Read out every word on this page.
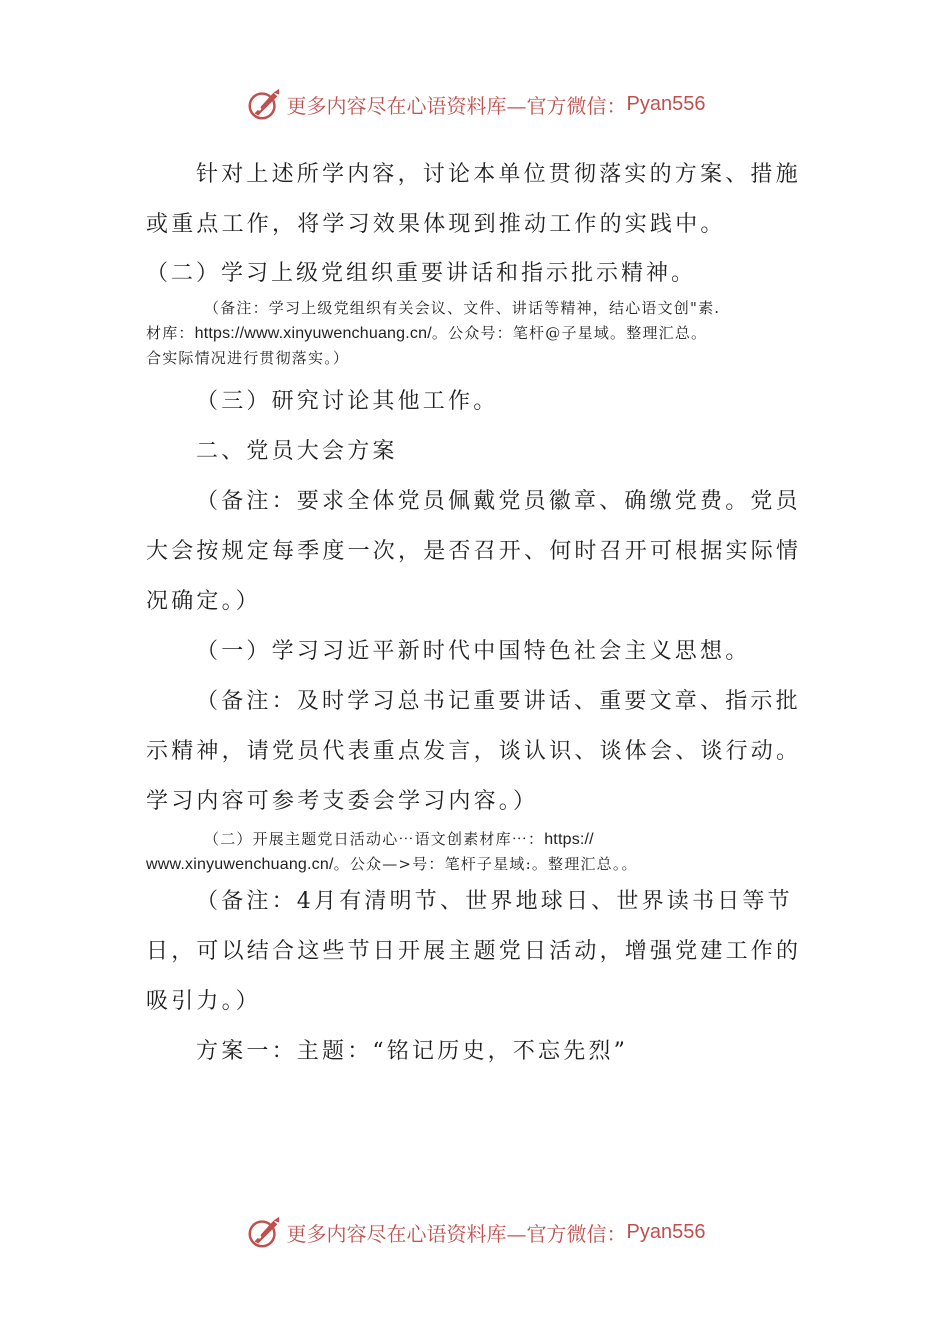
更多内容尽在心语资料库—官方微信： Pyan556

针对上述所学内容，讨论本单位贯彻落实的方案、措施或重点工作，将学习效果体现到推动工作的实践中。

（二）学习上级党组织重要讲话和指示批示精神。

（备注：学习上级党组织有关会议、文件、讲话等精神，结心语文创"素.

材库：https://www.xinyuwenchuang.cn/。公众号：笔杆@子星域。整理汇总。

合实际情况进行贯彻落实。）

（三）研究讨论其他工作。

二、党员大会方案

（备注：要求全体党员佩戴党员徽章、确缴党费。党员大会按规定每季度一次，是否召开、何时召开可根据实际情况确定。）

（一）学习习近平新时代中国特色社会主义思想。

（备注：及时学习总书记重要讲话、重要文章、指示批示精神，请党员代表重点发言，谈认识、谈体会、谈行动。学习内容可参考支委会学习内容。）

（二）开展主题党日活动心⋯语文创素材库⋯：https://

www.xinyuwenchuang.cn/。公众—>号：笔杆子星域:。整理汇总。。

（备注：4月有清明节、世界地球日、世界读书日等节日，可以结合这些节日开展主题党日活动，增强党建工作的吸引力。）

方案一：主题：“铭记历史，不忘先烈”

更多内容尽在心语资料库—官方微信： Pyan556
